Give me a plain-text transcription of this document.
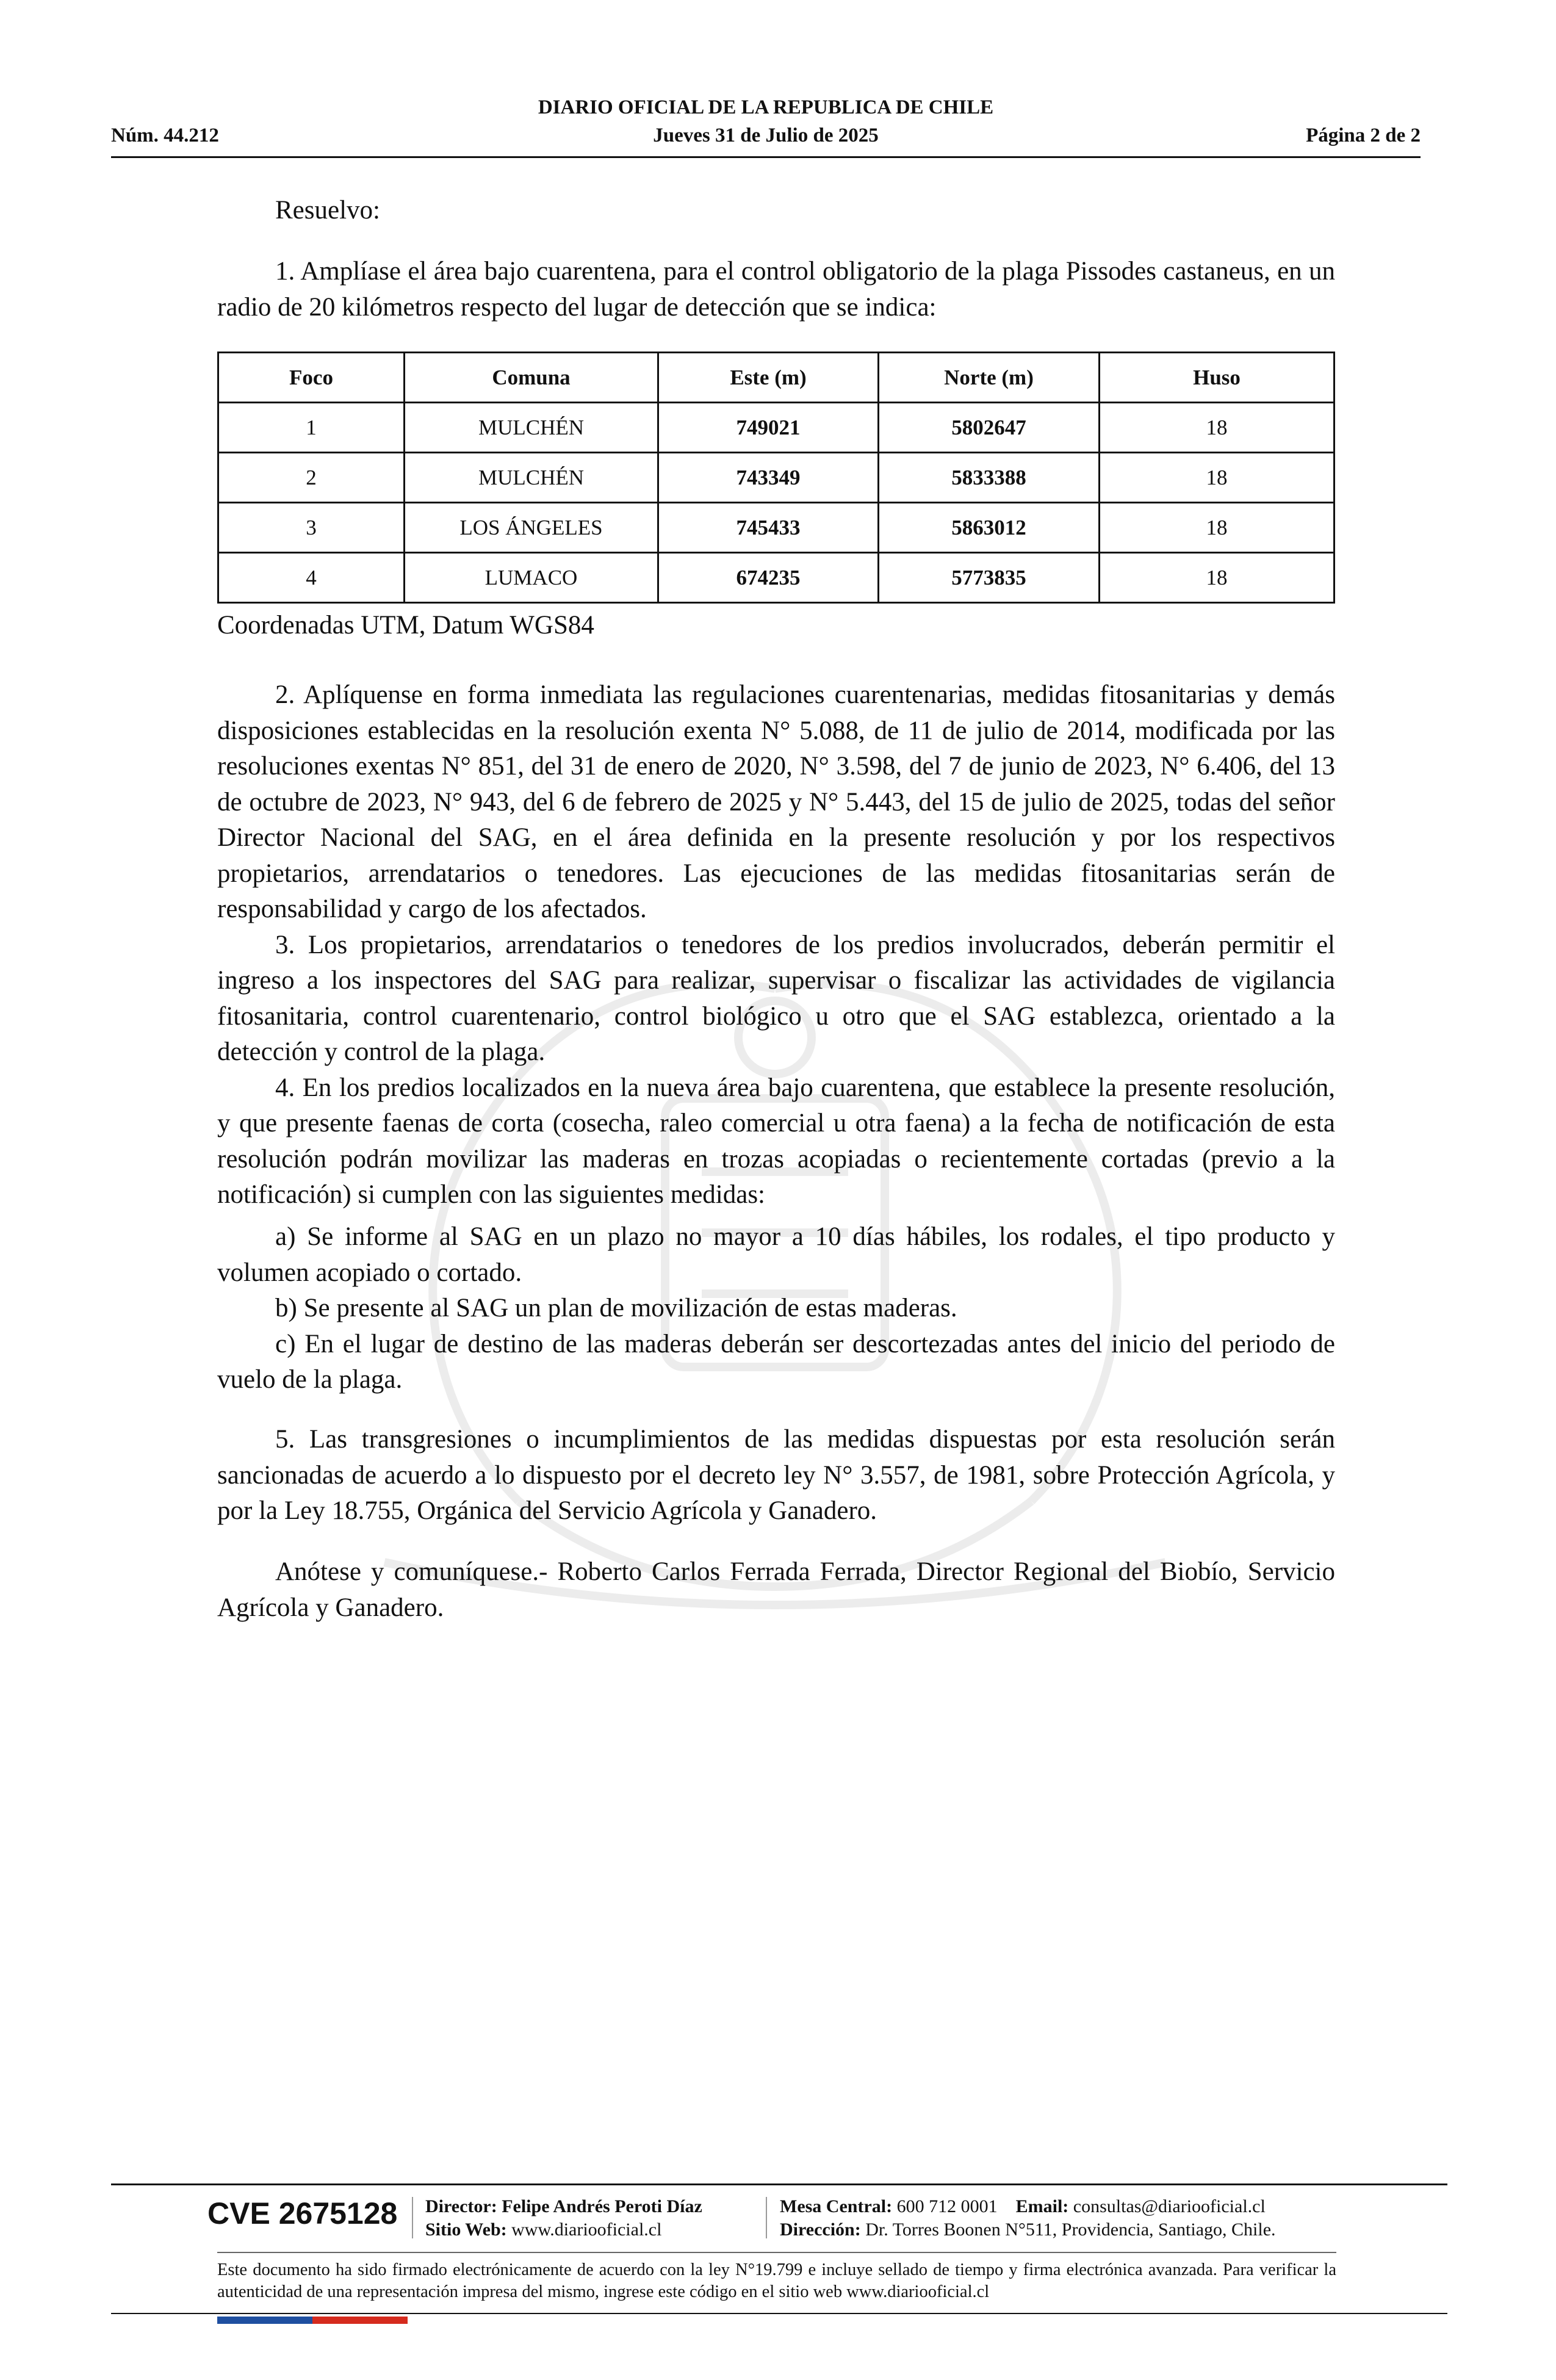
DIARIO OFICIAL DE LA REPUBLICA DE CHILE
Núm. 44.212	Jueves 31 de Julio de 2025	Página 2 de 2

Resuelvo:

1. Amplíase el área bajo cuarentena, para el control obligatorio de la plaga Pissodes castaneus, en un radio de 20 kilómetros respecto del lugar de detección que se indica:

Foco	Comuna	Este (m)	Norte (m)	Huso
1	MULCHÉN	749021	5802647	18
2	MULCHÉN	743349	5833388	18
3	LOS ÁNGELES	745433	5863012	18
4	LUMACO	674235	5773835	18

Coordenadas UTM, Datum WGS84

2. Aplíquense en forma inmediata las regulaciones cuarentenarias, medidas fitosanitarias y demás disposiciones establecidas en la resolución exenta N° 5.088, de 11 de julio de 2014, modificada por las resoluciones exentas N° 851, del 31 de enero de 2020, N° 3.598, del 7 de junio de 2023, N° 6.406, del 13 de octubre de 2023, N° 943, del 6 de febrero de 2025 y N° 5.443, del 15 de julio de 2025, todas del señor Director Nacional del SAG, en el área definida en la presente resolución y por los respectivos propietarios, arrendatarios o tenedores. Las ejecuciones de las medidas fitosanitarias serán de responsabilidad y cargo de los afectados.

3. Los propietarios, arrendatarios o tenedores de los predios involucrados, deberán permitir el ingreso a los inspectores del SAG para realizar, supervisar o fiscalizar las actividades de vigilancia fitosanitaria, control cuarentenario, control biológico u otro que el SAG establezca, orientado a la detección y control de la plaga.

4. En los predios localizados en la nueva área bajo cuarentena, que establece la presente resolución, y que presente faenas de corta (cosecha, raleo comercial u otra faena) a la fecha de notificación de esta resolución podrán movilizar las maderas en trozas acopiadas o recientemente cortadas (previo a la notificación) si cumplen con las siguientes medidas:

a) Se informe al SAG en un plazo no mayor a 10 días hábiles, los rodales, el tipo producto y volumen acopiado o cortado.

b) Se presente al SAG un plan de movilización de estas maderas.

c) En el lugar de destino de las maderas deberán ser descortezadas antes del inicio del periodo de vuelo de la plaga.

5. Las transgresiones o incumplimientos de las medidas dispuestas por esta resolución serán sancionadas de acuerdo a lo dispuesto por el decreto ley N° 3.557, de 1981, sobre Protección Agrícola, y por la Ley 18.755, Orgánica del Servicio Agrícola y Ganadero.

Anótese y comuníquese.- Roberto Carlos Ferrada Ferrada, Director Regional del Biobío, Servicio Agrícola y Ganadero.

CVE 2675128 Director: Felipe Andrés Peroti Díaz
Sitio Web: www.diariooficial.cl
Mesa Central: 600 712 0001 Email: consultas@diariooficial.cl
Dirección: Dr. Torres Boonen N°511, Providencia, Santiago, Chile.
Este documento ha sido firmado electrónicamente de acuerdo con la ley N°19.799 e incluye sellado de tiempo y firma electrónica avanzada. Para verificar la autenticidad de una representación impresa del mismo, ingrese este código en el sitio web www.diariooficial.cl
